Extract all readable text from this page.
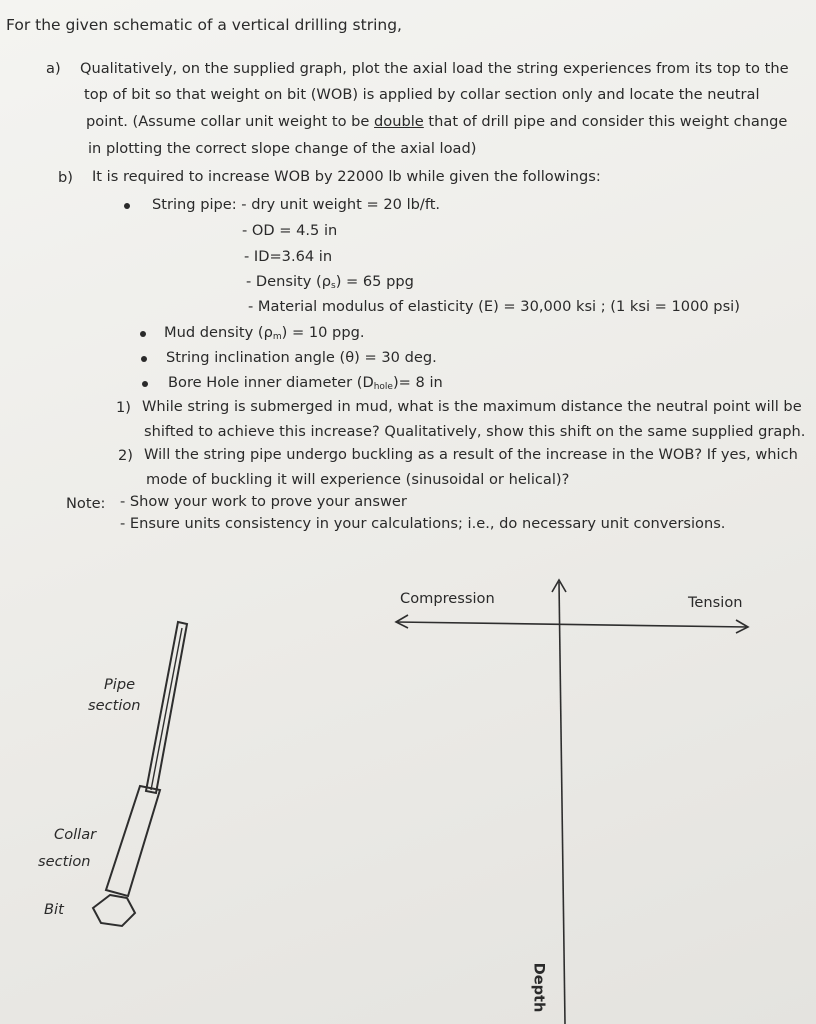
For the given schematic of a vertical drilling string,
a) Qualitatively, on the supplied graph, plot the axial load the string experiences from its top to the
top of bit so that weight on bit (WOB) is applied by collar section only and locate the neutral
point. (Assume collar unit weight to be double that of drill pipe and consider this weight change
in plotting the correct slope change of the axial load)
b) It is required to increase WOB by 22000 lb while given the followings:
String pipe: - dry unit weight = 20 lb/ft.
- OD = 4.5 in
- ID=3.64 in
- Density $(\rho_s) = 65$ ppg
- Material modulus of elasticity (E) = 30,000 ksi ; (1 ksi = 1000 psi)
Mud density $(\rho_m) = 10$ ppg.
String inclination angle (θ) = 30 deg.
Bore Hole inner diameter $(D_{hole})= 8$ in
1) While string is submerged in mud, what is the maximum distance the neutral point will be
shifted to achieve this increase? Qualitatively, show this shift on the same supplied graph.
2) Will the string pipe undergo buckling as a result of the increase in the WOB? If yes, which
mode of buckling it will experience (sinusoidal or helical)?
Note: - Show your work to prove your answer
- Ensure units consistency in your calculations; i.e., do necessary unit conversions.
Pipe
section
Collar
section
Bit
Compression	Tension
Depth
